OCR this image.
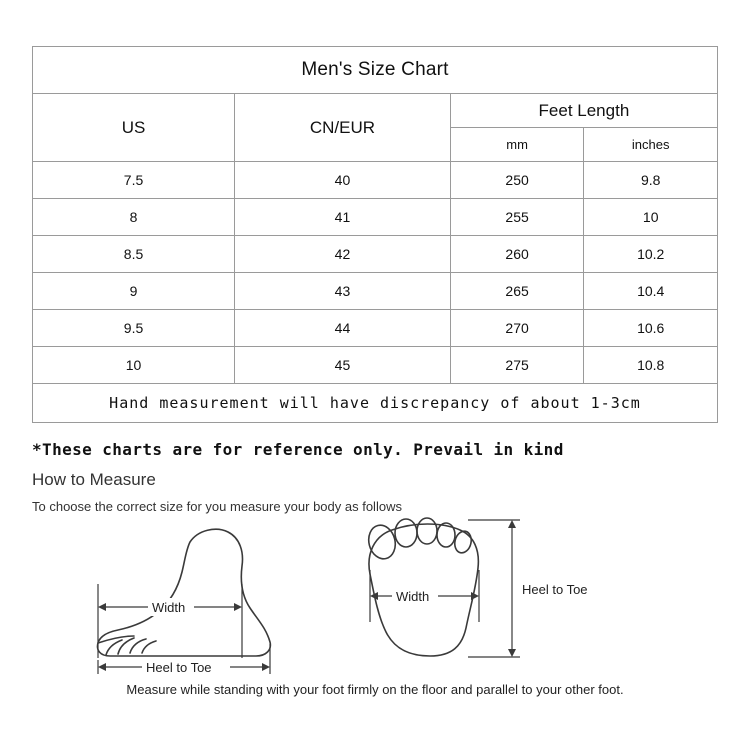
Men's Size Chart			
US	CN/EUR	Feet Length	
		mm	inches
7.5	40	250	9.8
8	41	255	10
8.5	42	260	10.2
9	43	265	10.4
9.5	44	270	10.6
10	45	275	10.8
Hand measurement will have discrepancy of about 1-3cm			
*These charts are for reference only. Prevail in kind
How to Measure
To choose the correct size for you measure your body as follows
Width
Heel to Toe
Width	Heel to Toe
Measure while standing with your foot firmly on the floor and parallel to your other foot.
